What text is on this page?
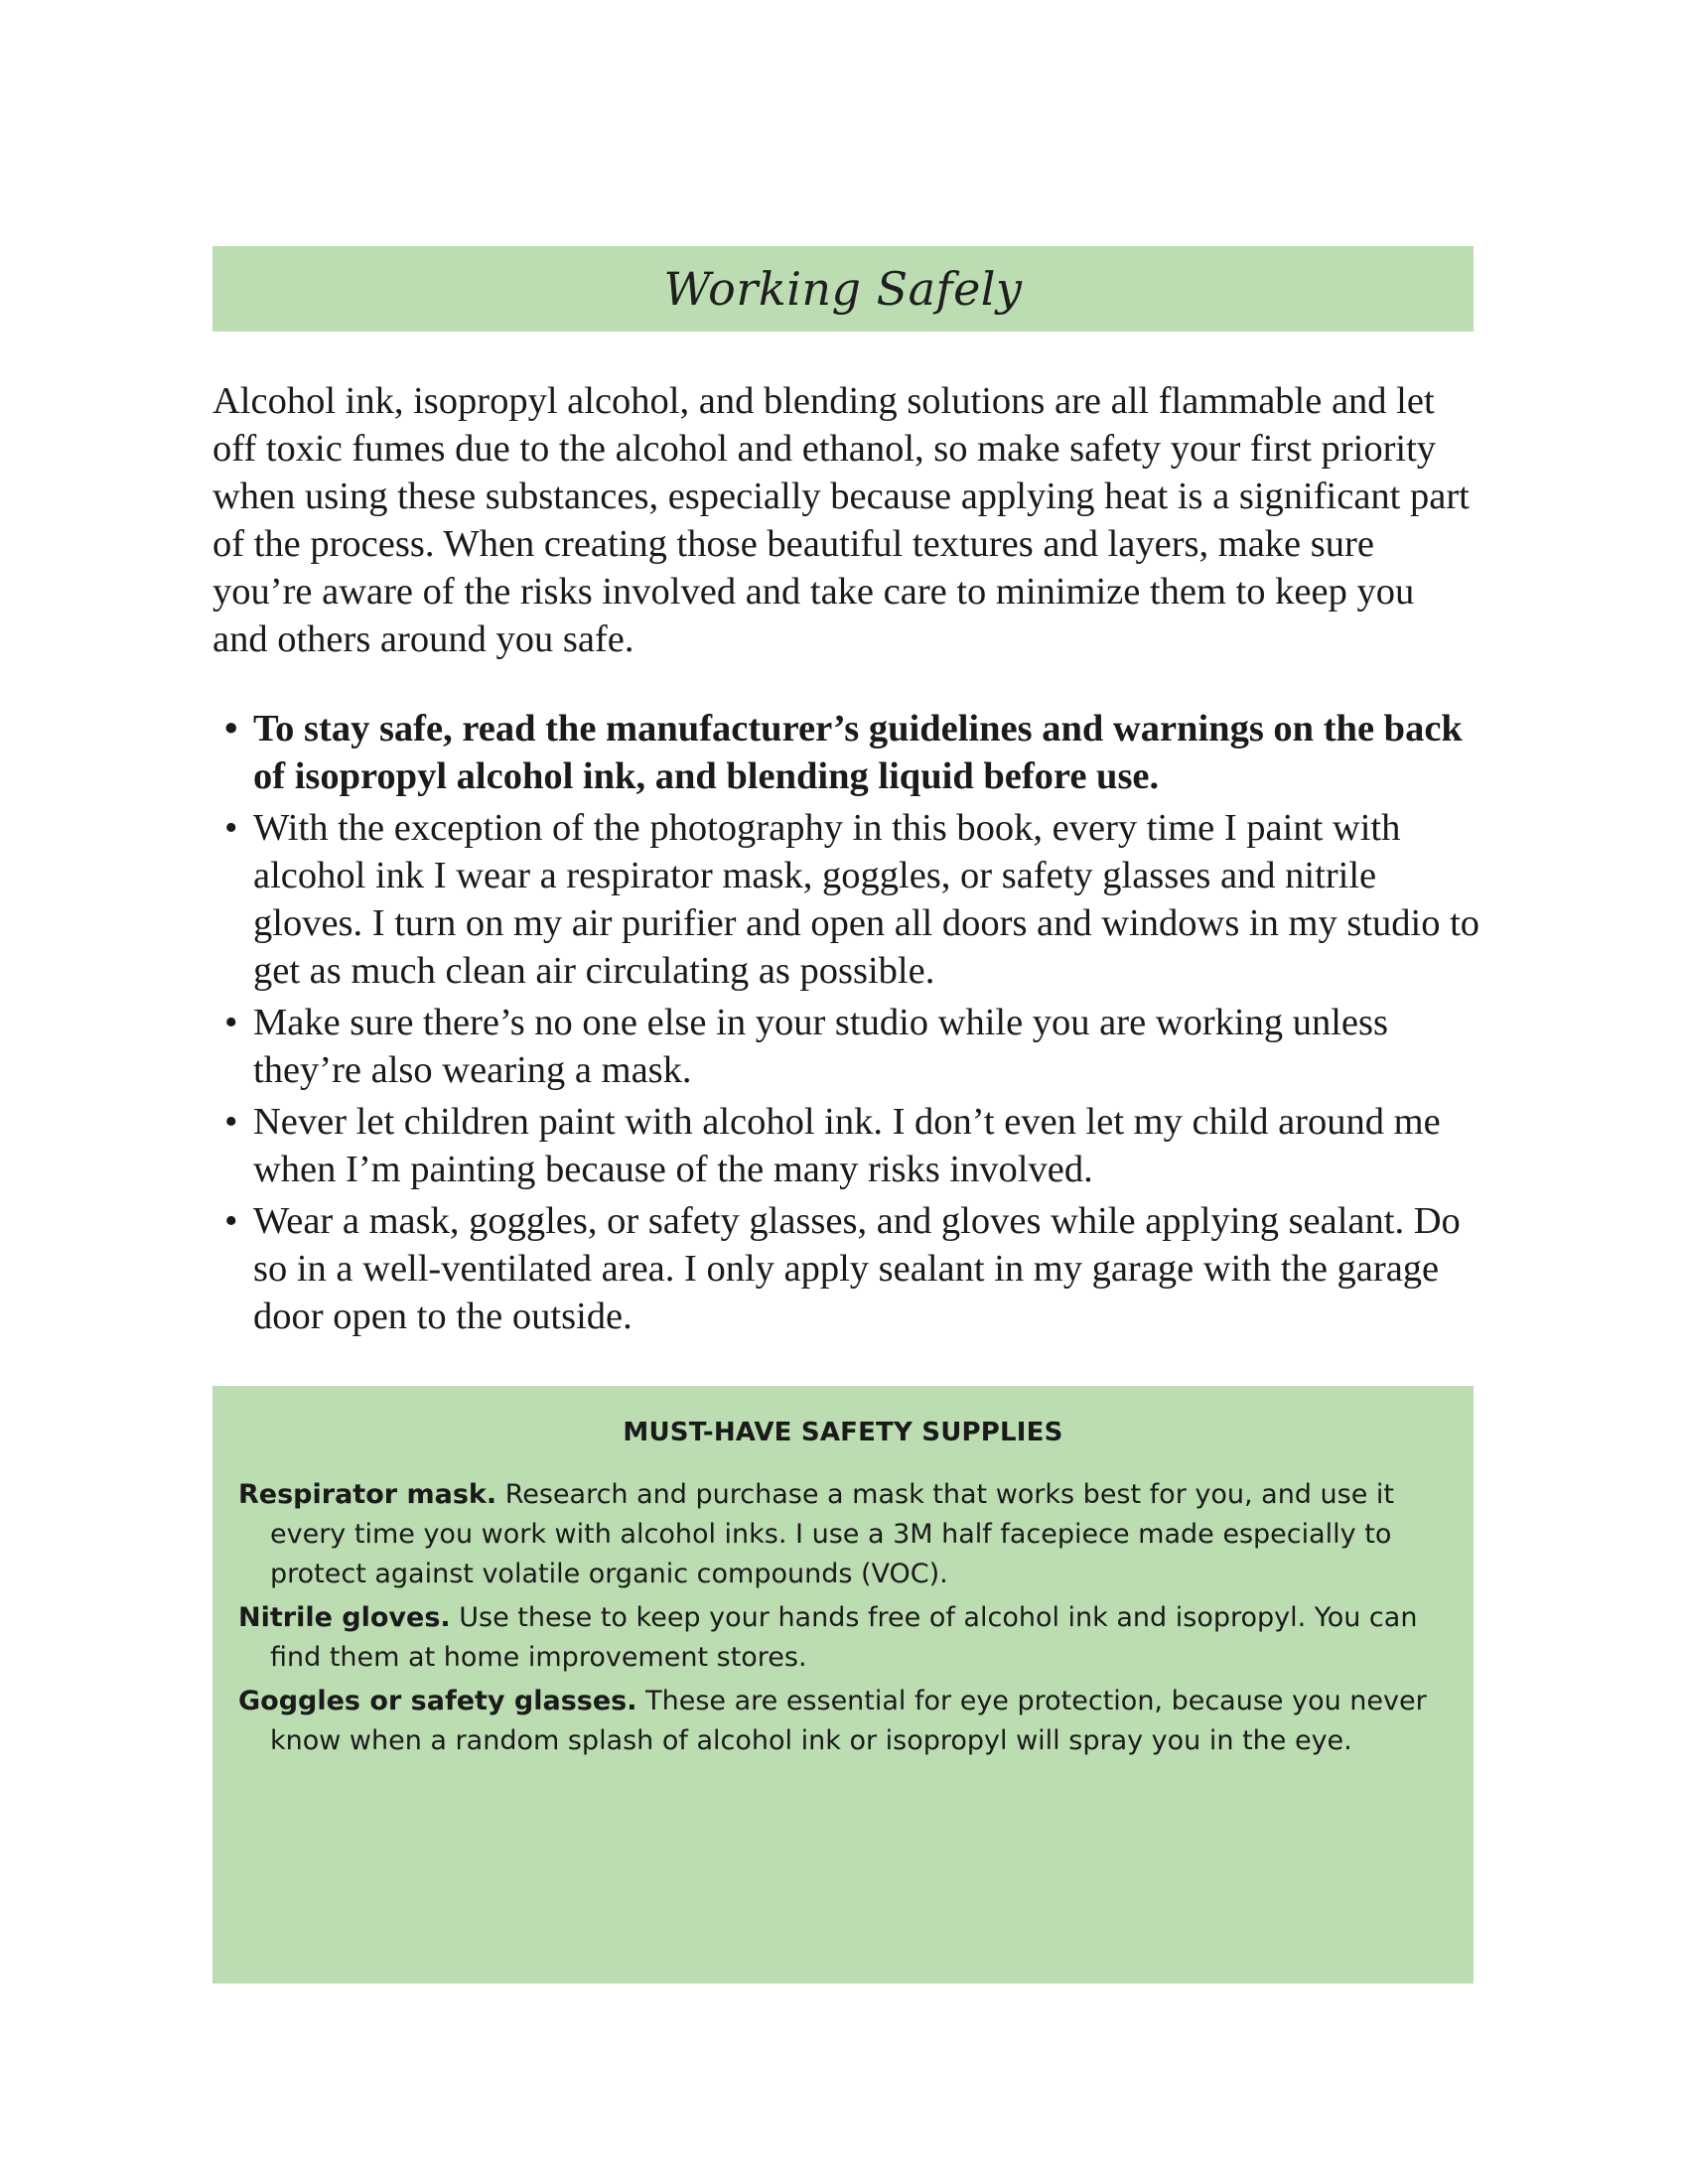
Working Safely

Alcohol ink, isopropyl alcohol, and blending solutions are all flammable and let off toxic fumes due to the alcohol and ethanol, so make safety your first priority when using these substances, especially because applying heat is a significant part of the process. When creating those beautiful textures and layers, make sure you’re aware of the risks involved and take care to minimize them to keep you and others around you safe.

• To stay safe, read the manufacturer’s guidelines and warnings on the back of isopropyl alcohol ink, and blending liquid before use.
• With the exception of the photography in this book, every time I paint with alcohol ink I wear a respirator mask, goggles, or safety glasses and nitrile gloves. I turn on my air purifier and open all doors and windows in my studio to get as much clean air circulating as possible.
• Make sure there’s no one else in your studio while you are working unless they’re also wearing a mask.
• Never let children paint with alcohol ink. I don’t even let my child around me when I’m painting because of the many risks involved.
• Wear a mask, goggles, or safety glasses, and gloves while applying sealant. Do so in a well-ventilated area. I only apply sealant in my garage with the garage door open to the outside.
MUST-HAVE SAFETY SUPPLIES
Respirator mask. Research and purchase a mask that works best for you, and use it every time you work with alcohol inks. I use a 3M half facepiece made especially to protect against volatile organic compounds (VOC).
Nitrile gloves. Use these to keep your hands free of alcohol ink and isopropyl. You can find them at home improvement stores.
Goggles or safety glasses. These are essential for eye protection, because you never know when a random splash of alcohol ink or isopropyl will spray you in the eye.
